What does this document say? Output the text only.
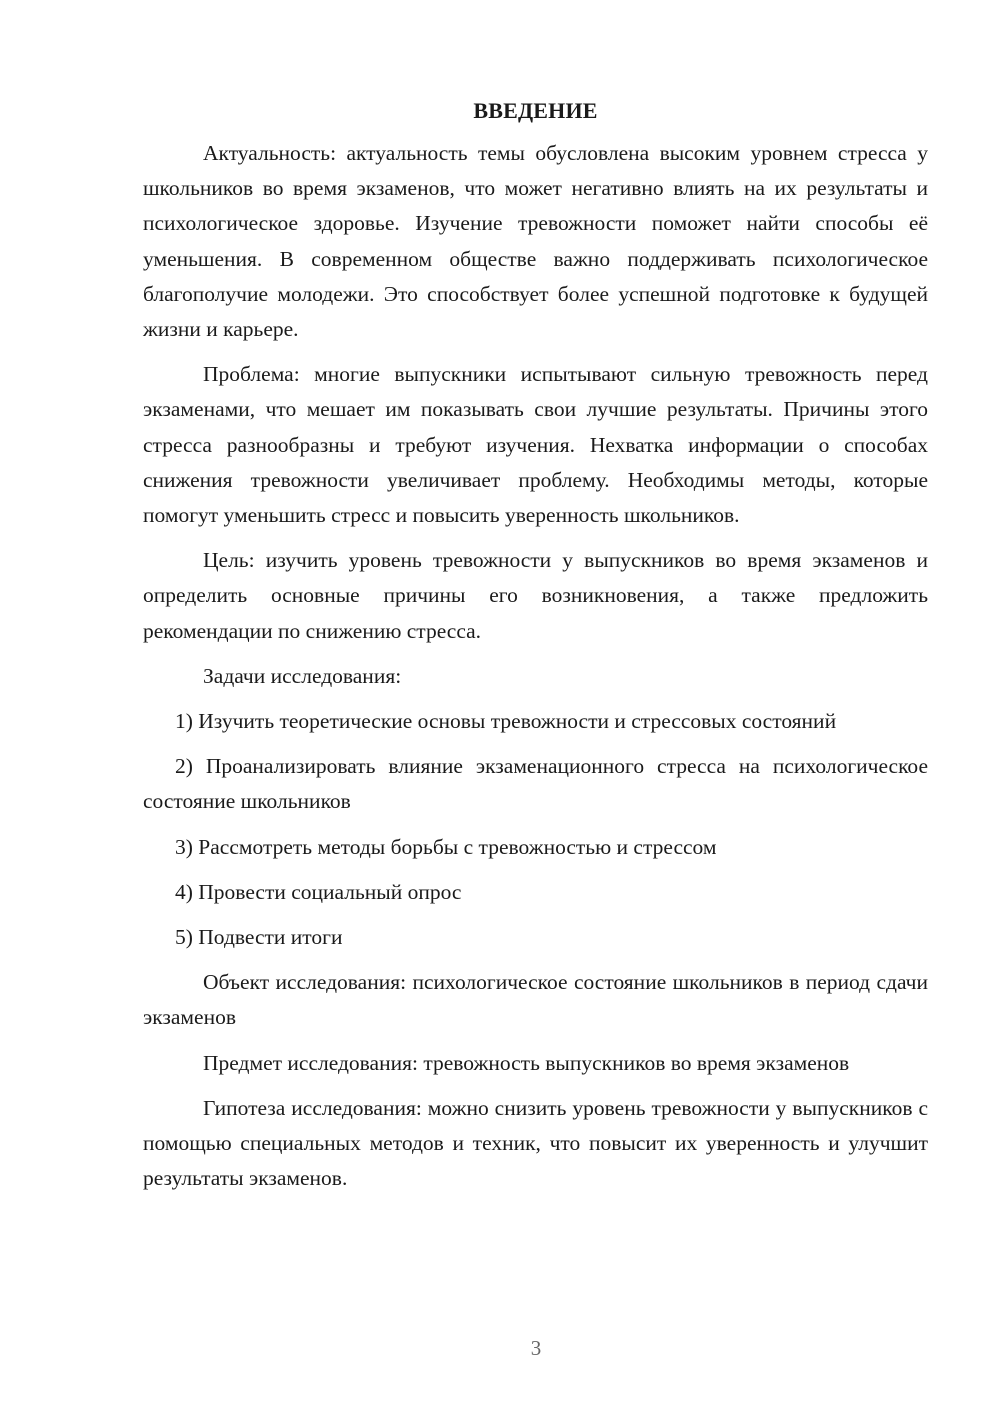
ВВЕДЕНИЕ

Актуальность: актуальность темы обусловлена высоким уровнем стресса у школьников во время экзаменов, что может негативно влиять на их результаты и психологическое здоровье. Изучение тревожности поможет найти способы её уменьшения. В современном обществе важно поддерживать психологическое благополучие молодежи. Это способствует более успешной подготовке к будущей жизни и карьере.

Проблема: многие выпускники испытывают сильную тревожность перед экзаменами, что мешает им показывать свои лучшие результаты. Причины этого стресса разнообразны и требуют изучения. Нехватка информации о способах снижения тревожности увеличивает проблему. Необходимы методы, которые помогут уменьшить стресс и повысить уверенность школьников.

Цель: изучить уровень тревожности у выпускников во время экзаменов и определить основные причины его возникновения, а также предложить рекомендации по снижению стресса.

Задачи исследования:

1) Изучить теоретические основы тревожности и стрессовых состояний

2) Проанализировать влияние экзаменационного стресса на психологическое состояние школьников

3) Рассмотреть методы борьбы с тревожностью и стрессом

4) Провести социальный опрос

5) Подвести итоги

Объект исследования: психологическое состояние школьников в период сдачи экзаменов

Предмет исследования: тревожность выпускников во время экзаменов

Гипотеза исследования: можно снизить уровень тревожности у выпускников с помощью специальных методов и техник, что повысит их уверенность и улучшит результаты экзаменов.

3
